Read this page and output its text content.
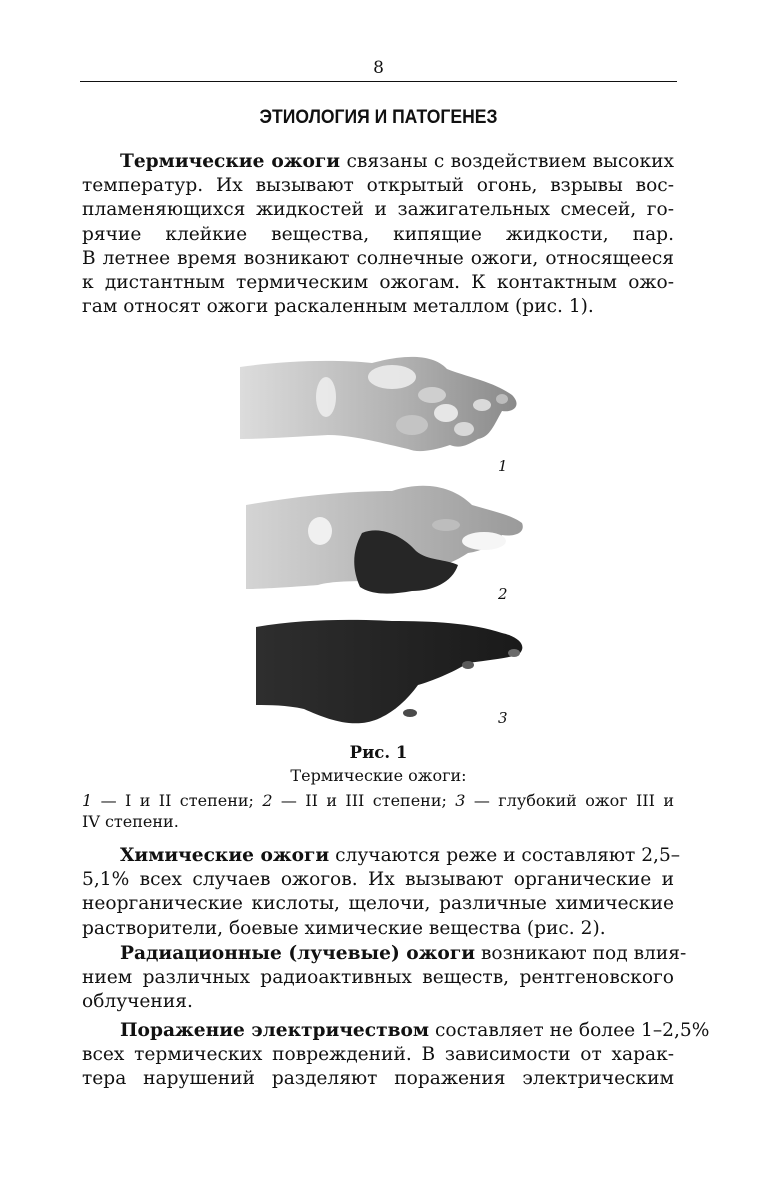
8
ЭТИОЛОГИЯ И ПАТОГЕНЕЗ
Термические ожоги связаны с воздействием высоких
температур. Их вызывают открытый огонь, взрывы вос-
пламеняющихся жидкостей и зажигательных смесей, го-
рячие клейкие вещества, кипящие жидкости, пар.
В летнее время возникают солнечные ожоги, относящееся
к дистантным термическим ожогам. К контактным ожо-
гам относят ожоги раскаленным металлом (рис. 1).
1
2
3
Рис. 1
Термические ожоги:
1 — I и II степени; 2 — II и III степени; 3 — глубокий ожог III и
IV степени.
Химические ожоги случаются реже и составляют 2,5–
5,1% всех случаев ожогов. Их вызывают органические и
неорганические кислоты, щелочи, различные химические
растворители, боевые химические вещества (рис. 2).
Радиационные (лучевые) ожоги возникают под влия-
нием различных радиоактивных веществ, рентгеновского
облучения.
Поражение электричеством составляет не более 1–2,5%
всех термических повреждений. В зависимости от харак-
тера нарушений разделяют поражения электрическим
